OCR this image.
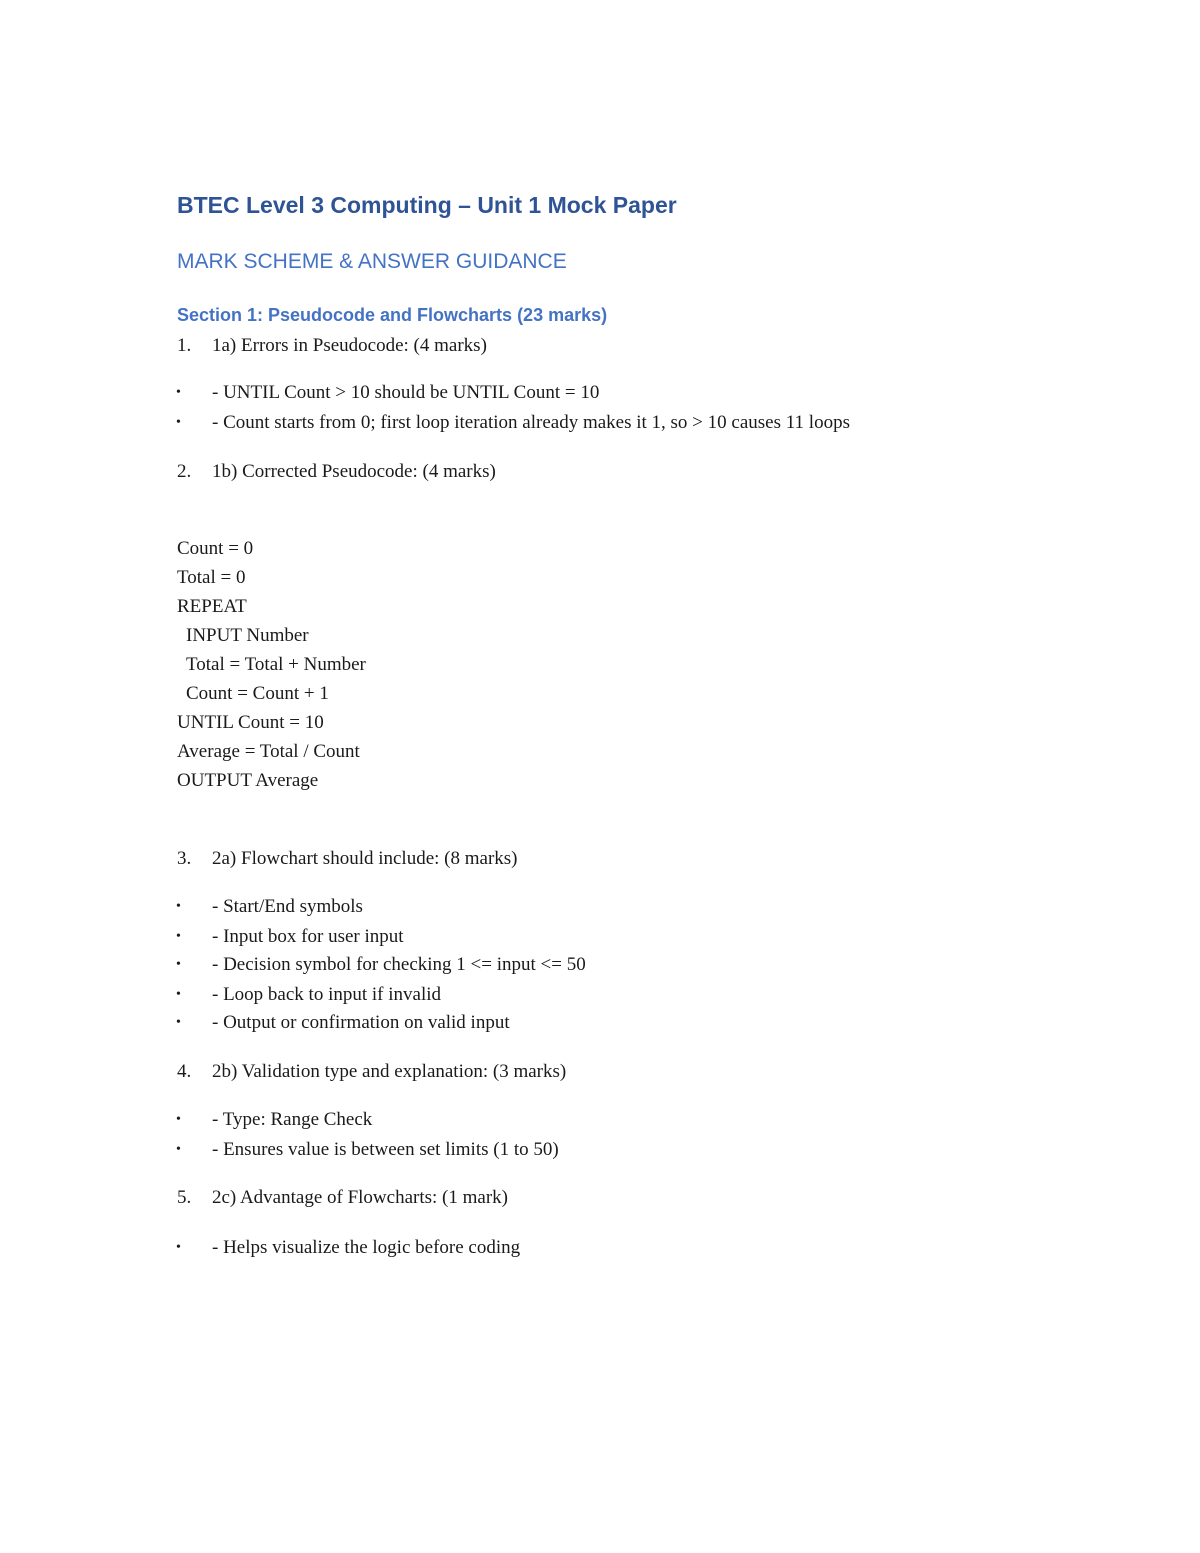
BTEC Level 3 Computing – Unit 1 Mock Paper
MARK SCHEME & ANSWER GUIDANCE
Section 1: Pseudocode and Flowcharts (23 marks)
1. 1a) Errors in Pseudocode: (4 marks)
• - UNTIL Count > 10 should be UNTIL Count = 10
• - Count starts from 0; first loop iteration already makes it 1, so > 10 causes 11 loops
2. 1b) Corrected Pseudocode: (4 marks)
Count = 0
Total = 0
REPEAT
INPUT Number
Total = Total + Number
Count = Count + 1
UNTIL Count = 10
Average = Total / Count
OUTPUT Average
3. 2a) Flowchart should include: (8 marks)
• - Start/End symbols
• - Input box for user input
• - Decision symbol for checking 1 <= input <= 50
• - Loop back to input if invalid
• - Output or confirmation on valid input
4. 2b) Validation type and explanation: (3 marks)
• - Type: Range Check
• - Ensures value is between set limits (1 to 50)
5. 2c) Advantage of Flowcharts: (1 mark)
• - Helps visualize the logic before coding
